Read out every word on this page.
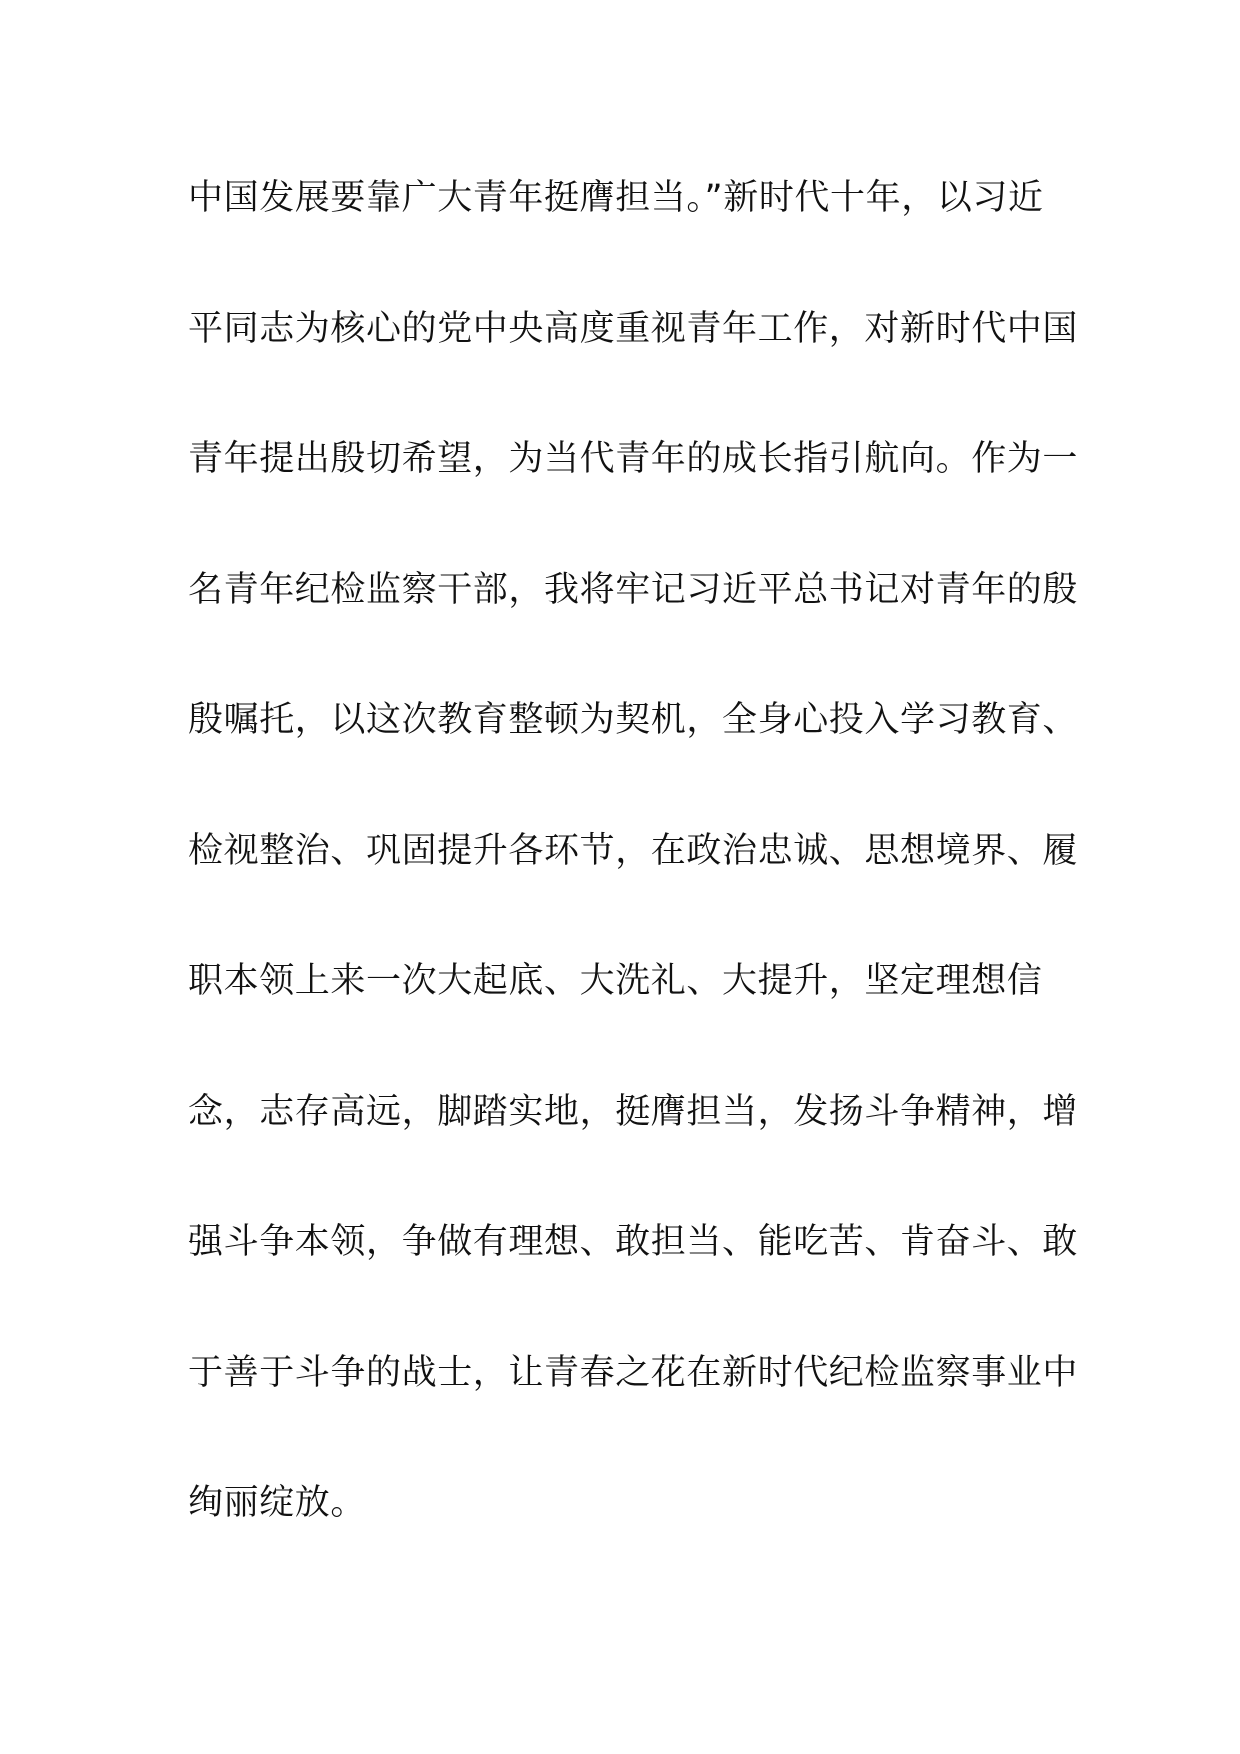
中国发展要靠广大青年挺膺担当。”新时代十年，以习近
平同志为核心的党中央高度重视青年工作，对新时代中国
青年提出殷切希望，为当代青年的成长指引航向。作为一
名青年纪检监察干部，我将牢记习近平总书记对青年的殷
殷嘱托，以这次教育整顿为契机，全身心投入学习教育、
检视整治、巩固提升各环节，在政治忠诚、思想境界、履
职本领上来一次大起底、大洗礼、大提升，坚定理想信
念，志存高远，脚踏实地，挺膺担当，发扬斗争精神，增
强斗争本领，争做有理想、敢担当、能吃苦、肯奋斗、敢
于善于斗争的战士，让青春之花在新时代纪检监察事业中
绚丽绽放。
